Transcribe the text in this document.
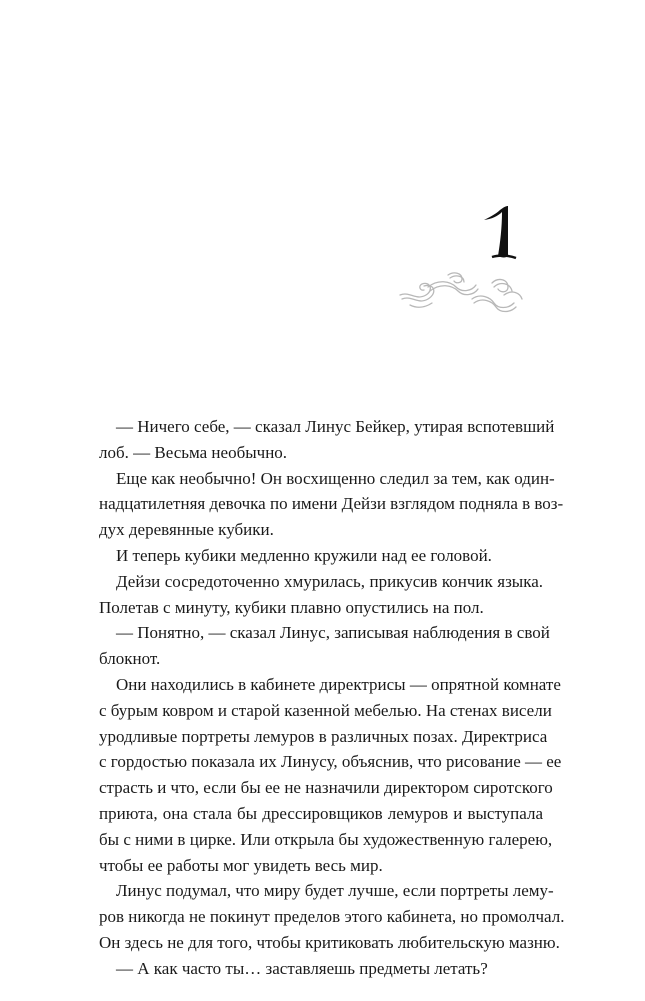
— Ничего себе, — сказал Линус Бейкер, утирая вспотевший
лоб. — Весьма необычно.

Еще как необычно! Он восхищенно следил за тем, как один-
надцатилетняя девочка по имени Дейзи взглядом подняла в воз-
дух деревянные кубики.

И теперь кубики медленно кружили над ее головой.

Дейзи сосредоточенно хмурилась, прикусив кончик языка.
Полетав с минуту, кубики плавно опустились на пол.

— Понятно, — сказал Линус, записывая наблюдения в свой
блокнот.

Они находились в кабинете директрисы — опрятной комнате
с бурым ковром и старой казенной мебелью. На стенах висели
уродливые портреты лемуров в различных позах. Директриса
с гордостью показала их Линусу, объяснив, что рисование — ее
страсть и что, если бы ее не назначили директором сиротского
приюта, она стала бы дрессировщиков лемуров и выступала
бы с ними в цирке. Или открыла бы художественную галерею,
чтобы ее работы мог увидеть весь мир.

Линус подумал, что миру будет лучше, если портреты лему-
ров никогда не покинут пределов этого кабинета, но промолчал.
Он здесь не для того, чтобы критиковать любительскую мазню.

— А как часто ты… заставляешь предметы летать?
